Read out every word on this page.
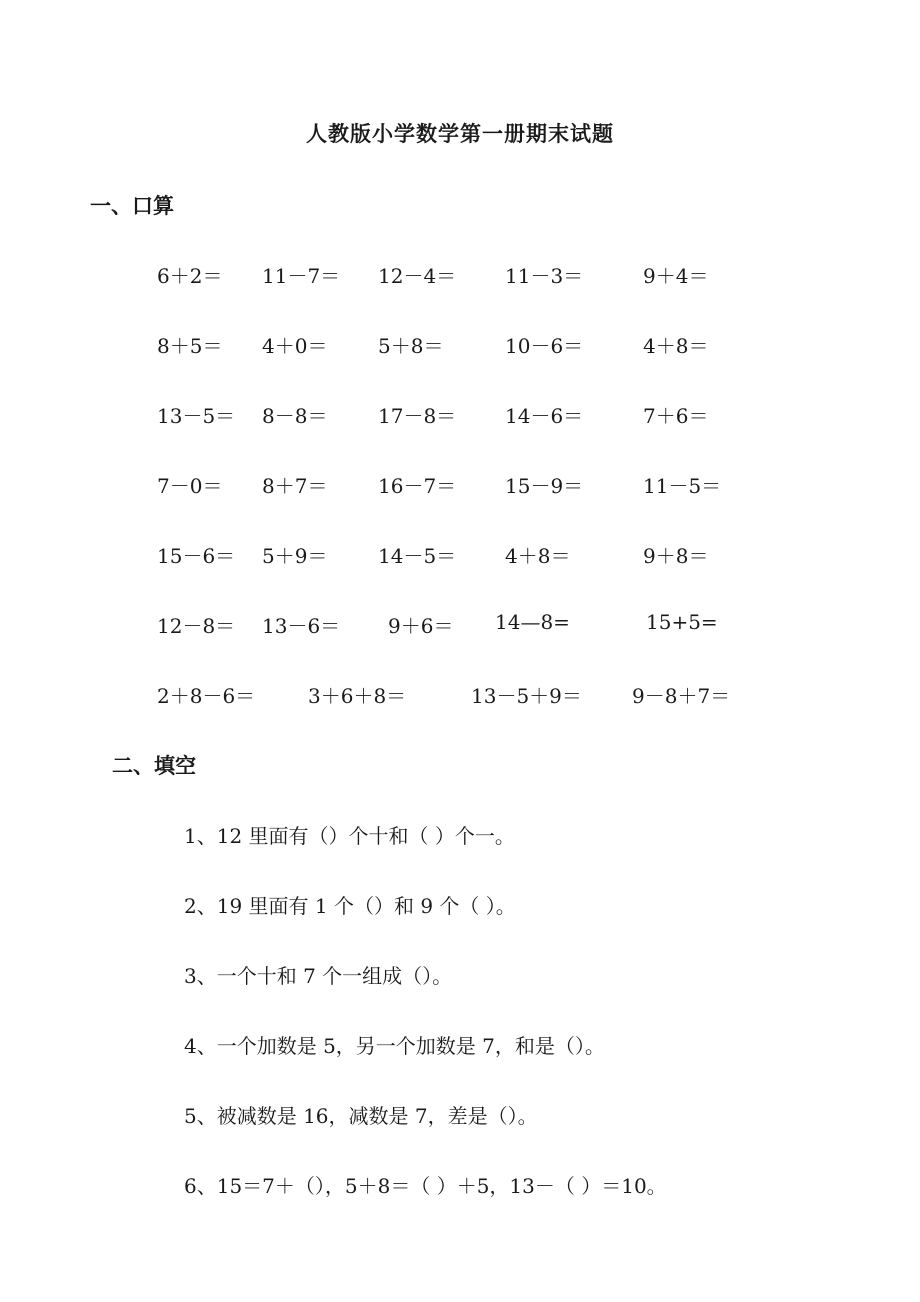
人教版小学数学第一册期末试题
一、口算
6＋2＝ 11－7＝ 12－4＝ 11－3＝	9＋4＝
8＋5＝ 4＋0＝	5＋8＝	10－6＝	4＋8＝
13－5＝ 8－8＝	17－8＝ 14－6＝	7＋6＝
7－0＝ 8＋7＝	16－7＝ 15－9＝	11－5＝
15－6＝ 5＋9＝	14－5＝ 4＋8＝	9＋8＝
12－8＝ 13－6＝ 9＋6＝ 14—8=	15+5=
2＋8－6＝	3＋6＋8＝	13－5＋9＝	9－8＋7＝
二、填空
1、12 里面有（）个十和（ ）个一。
2、19 里面有 1 个（）和 9 个（ ）。
3、一个十和 7 个一组成（）。
4、一个加数是 5，另一个加数是 7，和是（）。
5、被减数是 16，减数是 7，差是（）。
6、15＝7＋（），5＋8＝（ ）＋5，13－（ ）＝10。
